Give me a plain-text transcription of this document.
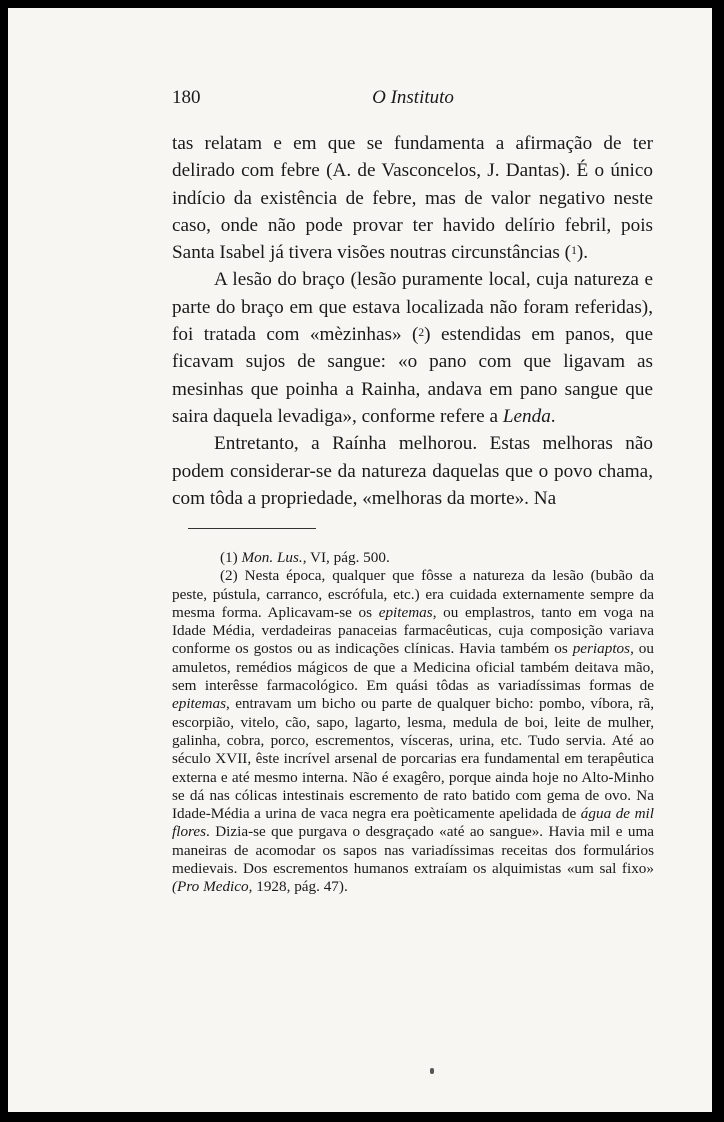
180	O Instituto

tas relatam e em que se fundamenta a afirmação de ter delirado com febre (A. de Vasconcelos, J. Dantas). É o único indício da existência de febre, mas de valor negativo neste caso, onde não pode provar ter havido delírio febril, pois Santa Isabel já tivera visões noutras circunstâncias ($^1$).

A lesão do braço (lesão puramente local, cuja natureza e parte do braço em que estava localizada não foram referidas), foi tratada com «mèzinhas» ($^2$) estendidas em panos, que ficavam sujos de sangue: «o pano com que ligavam as mesinhas que poinha a Rainha, andava em pano sangue que saira daquela levadiga», conforme refere a Lenda.

Entretanto, a Raínha melhorou. Estas melhoras não podem considerar-se da natureza daquelas que o povo chama, com tôda a propriedade, «melhoras da morte». Na

(1) Mon. Lus., VI, pág. 500.

(2) Nesta época, qualquer que fôsse a natureza da lesão (bubão da peste, pústula, carranco, escrófula, etc.) era cuidada externamente sempre da mesma forma. Aplicavam-se os epitemas, ou emplastros, tanto em voga na Idade Média, verdadeiras panaceias farmacêuticas, cuja composição variava conforme os gostos ou as indicações clínicas. Havia também os periaptos, ou amuletos, remédios mágicos de que a Medicina oficial também deitava mão, sem interêsse farmacológico. Em quási tôdas as variadíssimas formas de epitemas, entravam um bicho ou parte de qualquer bicho: pombo, víbora, rã, escorpião, vitelo, cão, sapo, lagarto, lesma, medula de boi, leite de mulher, galinha, cobra, porco, escrementos, vísceras, urina, etc. Tudo servia. Até ao século XVII, êste incrível arsenal de porcarias era fundamental em terapêutica externa e até mesmo interna. Não é exagêro, porque ainda hoje no Alto-Minho se dá nas cólicas intestinais escremento de rato batido com gema de ovo. Na Idade-Média a urina de vaca negra era poèticamente apelidada de água de mil flores. Dizia-se que purgava o desgraçado «até ao sangue». Havia mil e uma maneiras de acomodar os sapos nas variadíssimas receitas dos formulários medievais. Dos escrementos humanos extraíam os alquimistas «um sal fixo» (Pro Medico, 1928, pág. 47).
